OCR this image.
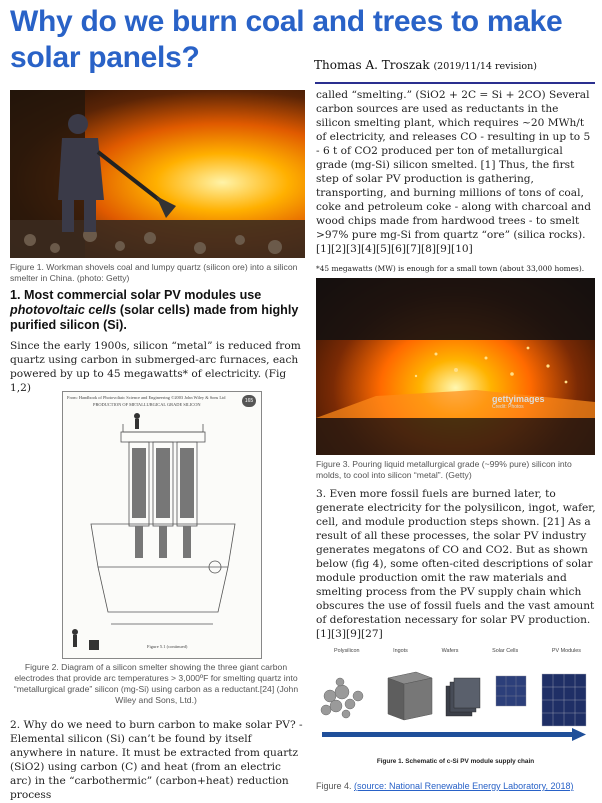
Why do we burn coal and trees to make solar panels?	Thomas A. Troszak (2019/11/14 revision)
Figure 1. Workman shovels coal and lumpy quartz (silicon ore) into a silicon smelter in China. (photo: Getty)
1. Most commercial solar PV modules use photovoltaic cells (solar cells) made from highly purified silicon (Si).

Since the early 1900s, silicon “metal” is reduced from quartz using carbon in submerged-arc furnaces, each powered by up to 45 megawatts* of electricity. (Fig 1,2)

From: Handbook of Photovoltaic Science and Engineering ©2003 John Wiley & Sons Ltd
PRODUCTION OF METALLURGICAL GRADE SILICON
165
Figure 5.1 (continued)
Figure 2. Diagram of a silicon smelter showing the three giant carbon electrodes that provide arc temperatures > 3,000ºF for smelting quartz into “metallurgical grade” silicon (mg-Si) using carbon as a reductant.[24] (John Wiley and Sons, Ltd.)

2. Why do we need to burn carbon to make solar PV? - Elemental silicon (Si) can’t be found by itself anywhere in nature. It must be extracted from quartz (SiO2) using carbon (C) and heat (from an electric arc) in the “carbothermic” (carbon+heat) reduction process

called “smelting.” (SiO2 + 2C = Si + 2CO) Several carbon sources are used as reductants in the silicon smelting plant, which requires ~20 MWh/t of electricity, and releases CO - resulting in up to 5 - 6 t of CO2 produced per ton of metallurgical grade (mg-Si) silicon smelted. [1] Thus, the first step of solar PV production is gathering, transporting, and burning millions of tons of coal, coke and petroleum coke - along with charcoal and wood chips made from hardwood trees - to smelt >97% pure mg-Si from quartz “ore” (silica rocks). [1][2][3][4][5][6][7][8][9][10]

*45 megawatts (MW) is enough for a small town (about 33,000 homes).
gettyimages
Credit: Photos
Figure 3. Pouring liquid metallurgical grade (~99% pure) silicon into molds, to cool into silicon “metal”. (Getty)

3. Even more fossil fuels are burned later, to generate electricity for the polysilicon, ingot, wafer, cell, and module production steps shown. [21] As a result of all these processes, the solar PV industry generates megatons of CO and CO2. But as shown below (fig 4), some often-cited descriptions of solar module production omit the raw materials and smelting process from the PV supply chain which obscures the use of fossil fuels and the vast amount of deforestation necessary for solar PV production. [1][3][9][27]

Polysilicon	Ingots	Wafers	Solar Cells	PV Modules
Figure 1. Schematic of c-Si PV module supply chain
Figure 4. (source: National Renewable Energy Laboratory, 2018)
